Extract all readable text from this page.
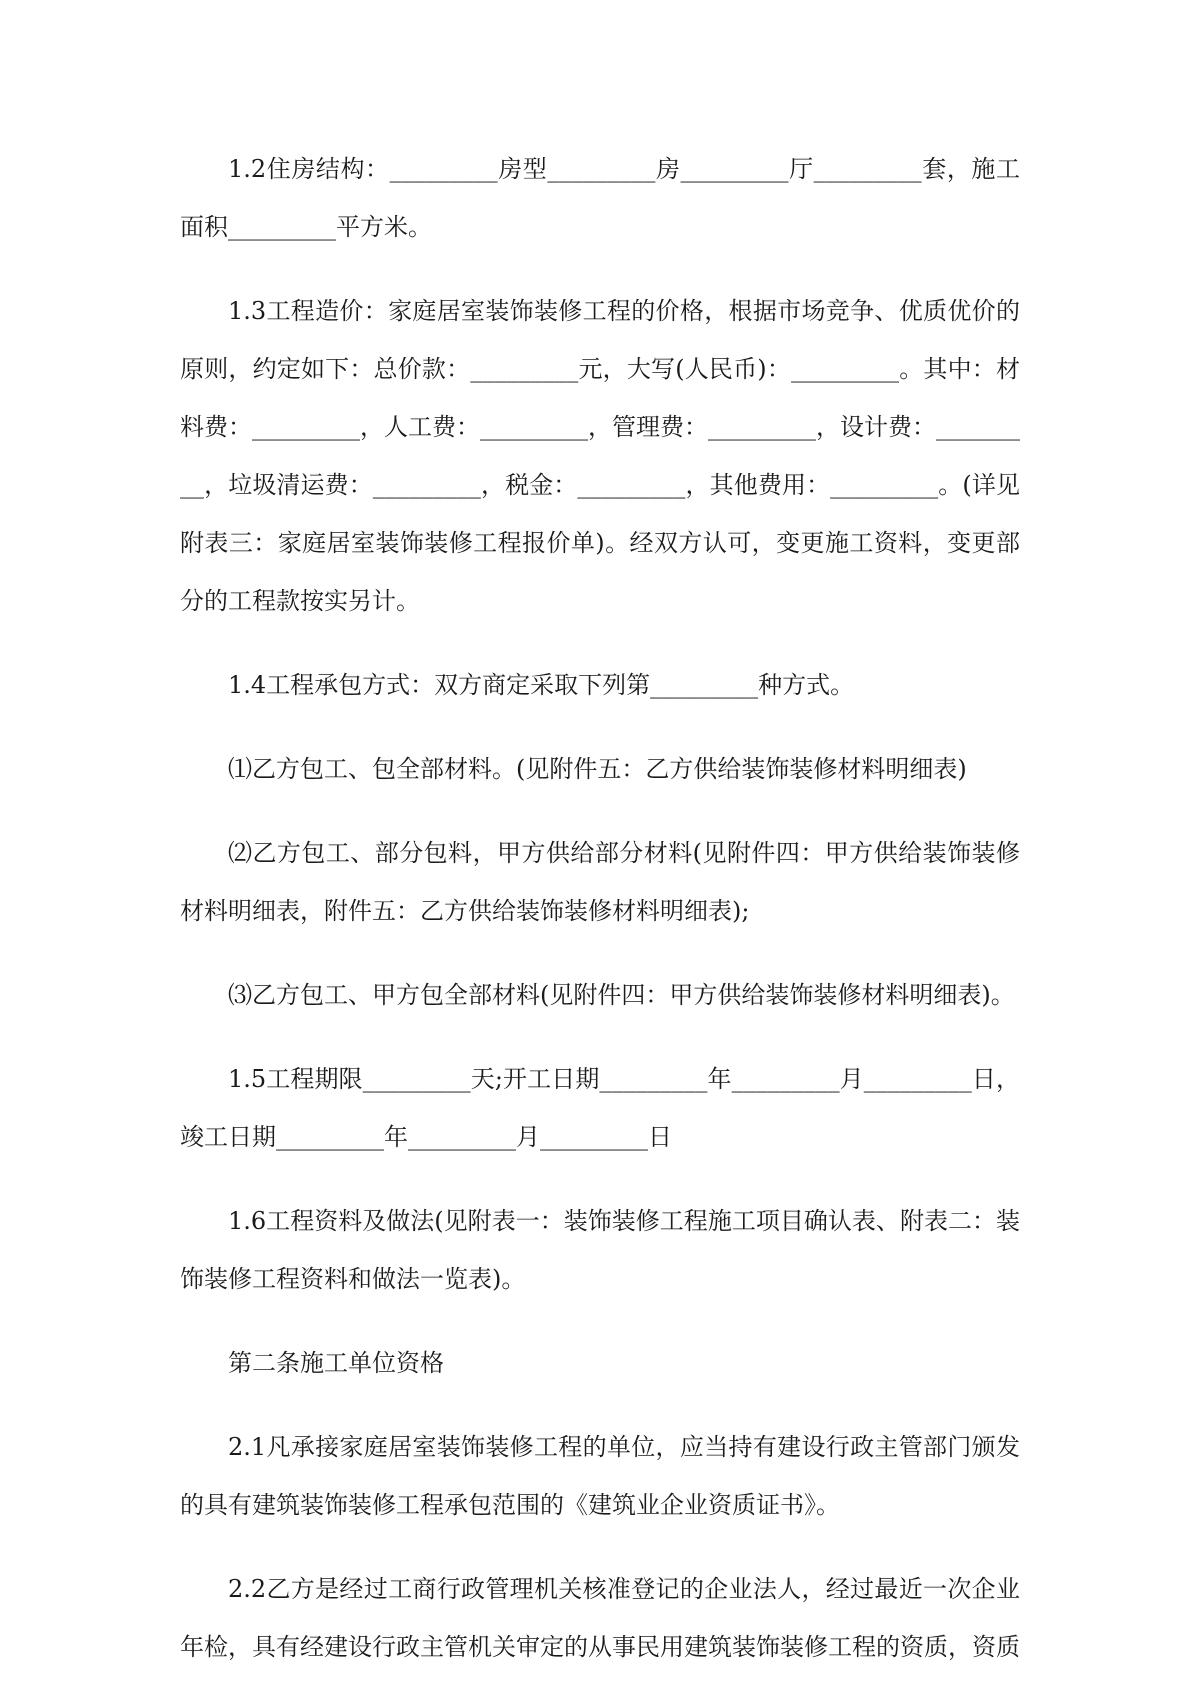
1.2住房结构：_________房型_________房_________厅_________套，施工面积_________平方米。

1.3工程造价：家庭居室装饰装修工程的价格，根据市场竞争、优质优价的原则，约定如下：总价款：_________元，大写(人民币)：_________。其中：材料费：_________，人工费：_________，管理费：_________，设计费：_________，垃圾清运费：_________，税金：_________，其他费用：_________。(详见附表三：家庭居室装饰装修工程报价单)。经双方认可，变更施工资料，变更部分的工程款按实另计。

1.4工程承包方式：双方商定采取下列第_________种方式。

⑴乙方包工、包全部材料。(见附件五：乙方供给装饰装修材料明细表)

⑵乙方包工、部分包料，甲方供给部分材料(见附件四：甲方供给装饰装修材料明细表，附件五：乙方供给装饰装修材料明细表);

⑶乙方包工、甲方包全部材料(见附件四：甲方供给装饰装修材料明细表)。

1.5工程期限_________天;开工日期_________年_________月_________日，竣工日期_________年_________月_________日

1.6工程资料及做法(见附表一：装饰装修工程施工项目确认表、附表二：装饰装修工程资料和做法一览表)。

第二条施工单位资格

2.1凡承接家庭居室装饰装修工程的单位，应当持有建设行政主管部门颁发的具有建筑装饰装修工程承包范围的《建筑业企业资质证书》。

2.2乙方是经过工商行政管理机关核准登记的企业法人，经过最近一次企业年检，具有经建设行政主管机关审定的从事民用建筑装饰装修工程的资质，资质
